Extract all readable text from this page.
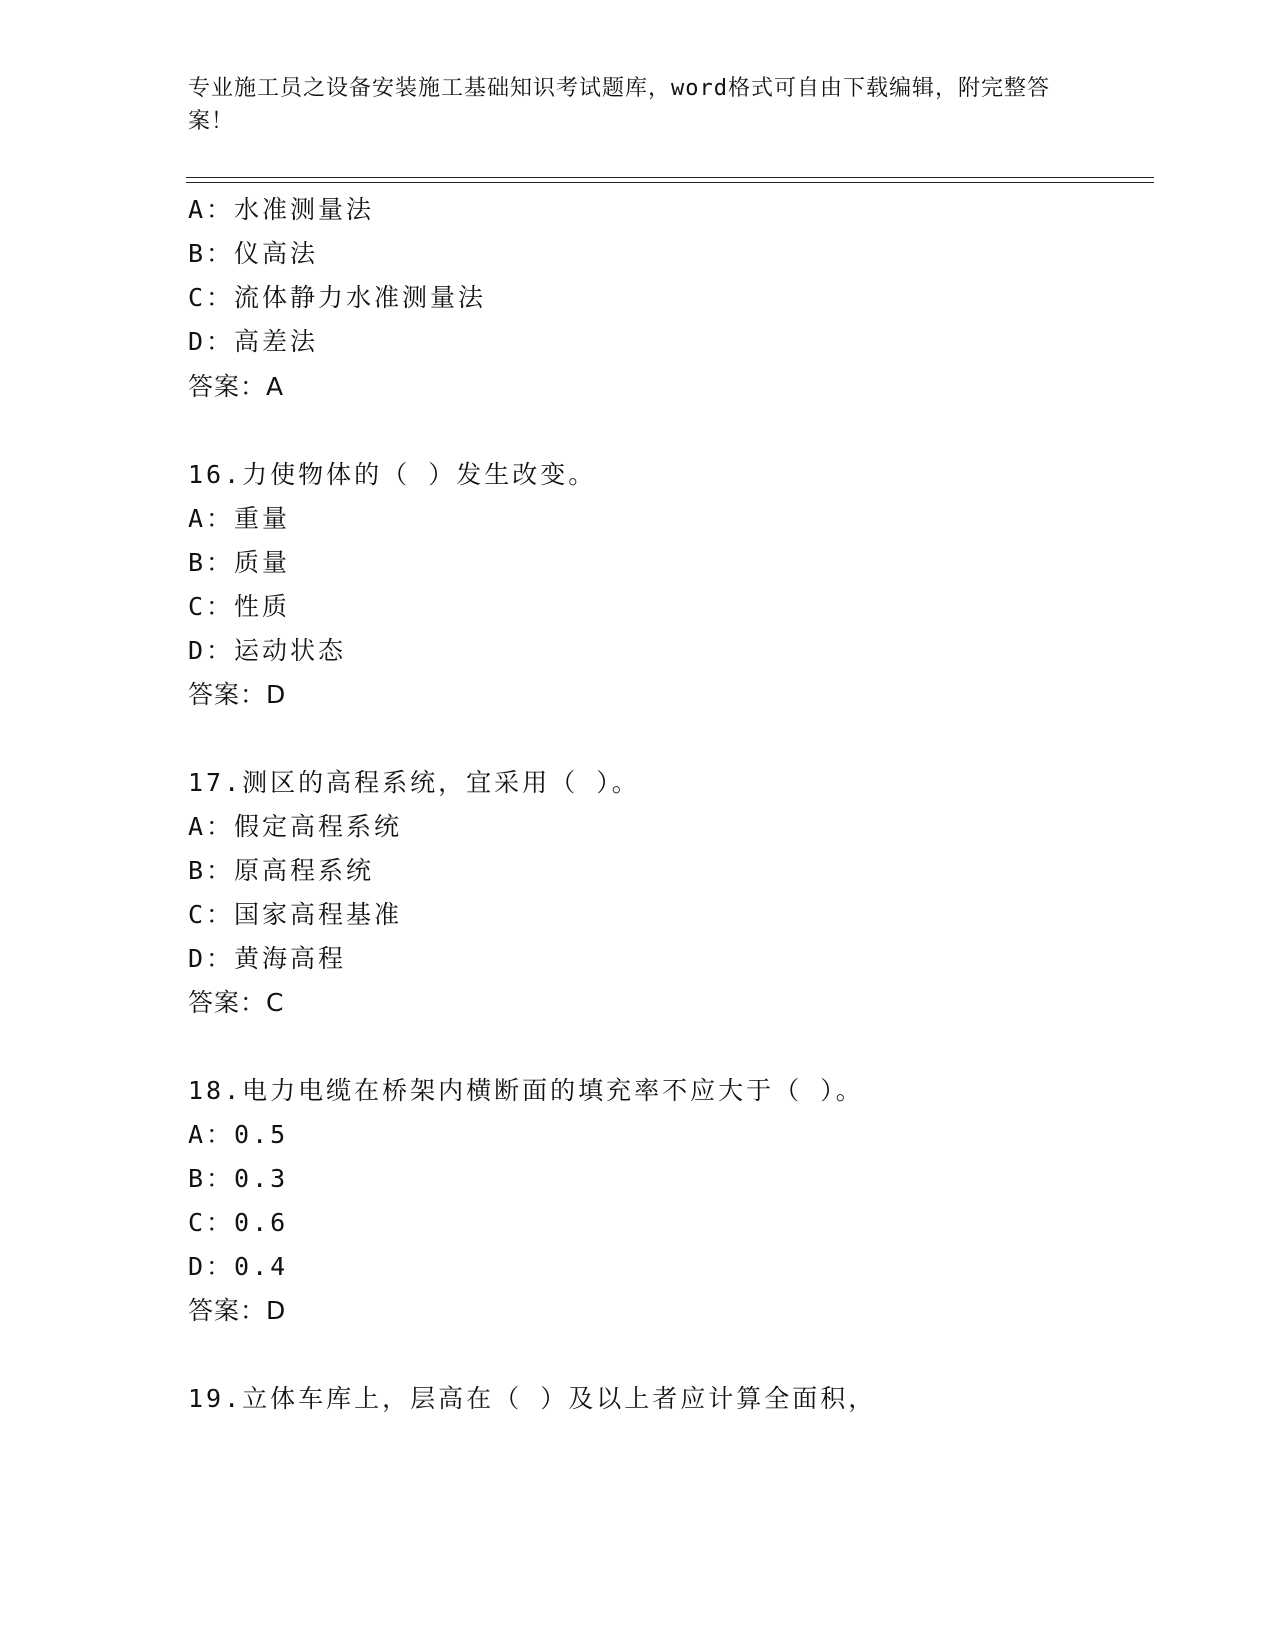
专业施工员之设备安装施工基础知识考试题库，word格式可自由下载编辑，附完整答案！
A：水准测量法
B：仪高法
C：流体静力水准测量法
D：高差法
答案：A
16.力使物体的（ ）发生改变。
A：重量
B：质量
C：性质
D：运动状态
答案：D
17.测区的高程系统，宜采用（ ）。
A：假定高程系统
B：原高程系统
C：国家高程基准
D：黄海高程
答案：C
18.电力电缆在桥架内横断面的填充率不应大于（ ）。
A：0.5
B：0.3
C：0.6
D：0.4
答案：D
19.立体车库上，层高在（ ）及以上者应计算全面积，
